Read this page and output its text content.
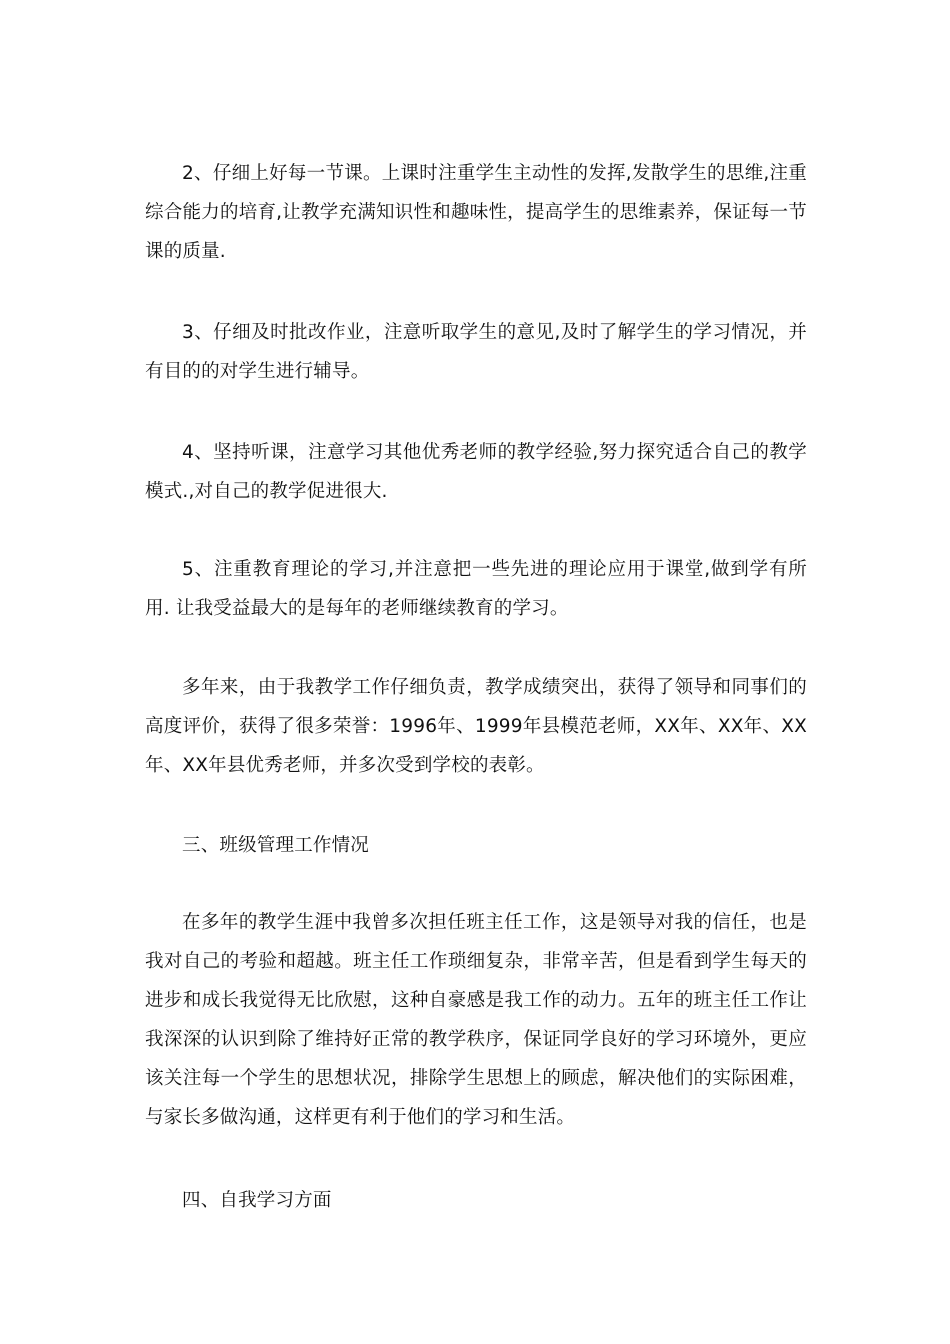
2、仔细上好每一节课。上课时注重学生主动性的发挥,发散学生的思维,注重综合能力的培育,让教学充满知识性和趣味性，提高学生的思维素养，保证每一节课的质量.

3、仔细及时批改作业，注意听取学生的意见,及时了解学生的学习情况，并有目的的对学生进行辅导。

4、坚持听课，注意学习其他优秀老师的教学经验,努力探究适合自己的教学模式.,对自己的教学促进很大.

5、注重教育理论的学习,并注意把一些先进的理论应用于课堂,做到学有所用. 让我受益最大的是每年的老师继续教育的学习。

多年来，由于我教学工作仔细负责，教学成绩突出，获得了领导和同事们的高度评价，获得了很多荣誉：1996年、1999年县模范老师，XX年、XX年、XX年、XX年县优秀老师，并多次受到学校的表彰。

三、班级管理工作情况

在多年的教学生涯中我曾多次担任班主任工作，这是领导对我的信任，也是我对自己的考验和超越。班主任工作琐细复杂，非常辛苦，但是看到学生每天的进步和成长我觉得无比欣慰，这种自豪感是我工作的动力。五年的班主任工作让我深深的认识到除了维持好正常的教学秩序，保证同学良好的学习环境外，更应该关注每一个学生的思想状况，排除学生思想上的顾虑，解决他们的实际困难，与家长多做沟通，这样更有利于他们的学习和生活。

四、自我学习方面
